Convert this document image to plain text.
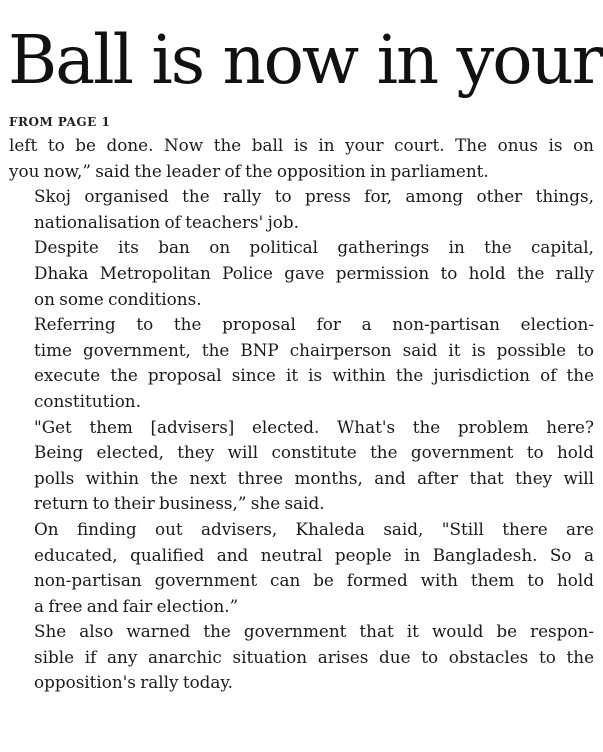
Ball is now in your
FROM PAGE 1

left to be done. Now the ball is in your court. The onus is on
you now,” said the leader of the opposition in parliament.

Skoj organised the rally to press for, among other things,
nationalisation of teachers' job.

Despite its ban on political gatherings in the capital,
Dhaka Metropolitan Police gave permission to hold the rally
on some conditions.

Referring to the proposal for a non-partisan election-
time government, the BNP chairperson said it is possible to
execute the proposal since it is within the jurisdiction of the
constitution.

"Get them [advisers] elected. What's the problem here?
Being elected, they will constitute the government to hold
polls within the next three months, and after that they will
return to their business,” she said.

On finding out advisers, Khaleda said, "Still there are
educated, qualified and neutral people in Bangladesh. So a
non-partisan government can be formed with them to hold
a free and fair election.”

She also warned the government that it would be respon-
sible if any anarchic situation arises due to obstacles to the
opposition's rally today.
